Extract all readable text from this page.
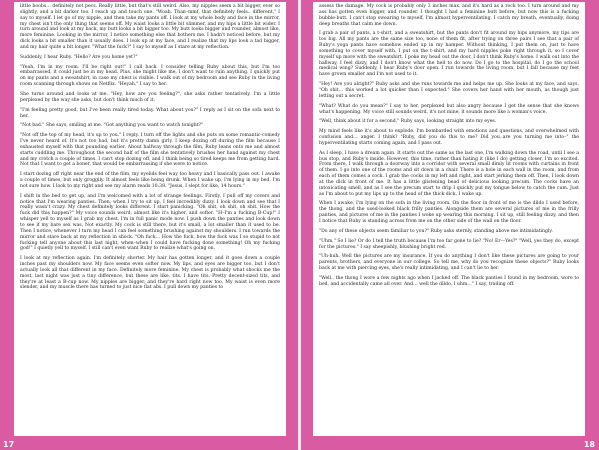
little boobs… definitely not pecs. Really little, but that's still weird. Also, my nipples seem a bit bigger, ever so slightly, and a bit darker too. I reach up and touch one. "Woah. Than–mmf, that definitely feels.. different," I say to myself. I let go of my nipple, and then take my pants off. I look at my whole body and face in the mirror, my chest isn't the only thing that seems off. My waist looks a little bit slimmer, and my hips a little bit wider. I turn around and look at my back, my butt looks a bit bigger too. My butt looks bigger and rounder, almost like, more feminine. Looking in the mirror, I notice something else that bothers me. I hadn't noticed before, but my dick looks a bit smaller than it usually does. I look up at my face, and I realize that my lips look a tad bigger, and my hair quite a bit longer. "What the fuck?" I say to myself as I stare at my reflection.

Suddenly, I hear Ruby. "Hello? Are you home yet?"

"Yeah, I'm in my room. I'll be right out!" I call back. I consider telling Ruby about this, but I'm too embarrassed, it could just be in my head. Plus, she might like me, I don't want to ruin anything. I quickly put on my pants and a sweatshirt, in case my chest is visible. I walk out of my bedroom and see Ruby in the living room scanning through shows on Netflix. "Heyah," I say to her.

She turns around and looks at me. "Hey, how are you feeling?", she asks rather tentatively. I'm a little perplexed by the way she asks, but don't think much of it.

"I'm feeling pretty good, but I've been really tired today. What about you?" I reply as I sit on the sofa next to her.

"Not bad." She says, smiling at me. "Got anything you want to watch tonight?"

"Not off the top of my head, it's up to you." I reply. I turn off the lights and she puts on some romantic-comedy I've never heard of. It's not too bad, but it's pretty damn girly. I keep dozing off during the film because I exhausted myself with that pounding earlier. About halfway through the film, Ruby leans onto me and almost starts cuddling me. Throughout the second half of the film she tentatively brushes her hand against my chest and my crotch a couple of times. I can't stop dozing off, and I think being so tired keeps me from getting hard. Not that I want to get a boner, that would be embarrassing if she were to notice.

I start dozing off right near the end of the film, my eyelids feel way too heavy and I basically pass out. I awake a couple of times, but only groggily. It almost feels like being drunk. When I wake up, I'm lying in my bed. I'm not sure how. I look to my right and see my alarm reads 10:38. "Jesus, I slept for like, 14 hours."

I shift in the bed to get up, and I'm welcomed with a lot of strange feelings. Firstly, I pull off my covers and notice that I'm wearing panties. Then, when I try to sit up, I feel incredibly dizzy. I look down and see that I really wasn't crazy. My chest definitely looks different. I start panicking. "Oh shit, oh shit, oh shit. How the fuck did this happen?" My voice sounds weird, almost like it's higher, and softer. "H–I'm a fucking B-Cup!" I whisper yell to myself as I grab my chest. I'm in full panic mode now. I push down the panties and look down to see if my bare sex was, Not exactly. My cock is still there, but it's small, a lot smaller than it used to be. Then I notice, whenever I turn my head I can feel something brushing against my shoulders. I run towards the mirror and stare back at my reflection in shock. "Oh fuck… How the fuck, how the fuck was I so stupid to not fucking tell anyone about this last night, when–when I could have fucking done something! Oh my fucking god!" I quietly yell to myself. I still can't even want Ruby to realize what's going on.

I look at my reflection again. I'm definitely shorter. My hair has gotten longer, and it goes down a couple inches past my shoulders now. My face seems even softer now. My lips, and eyes are bigger too, but I don't actually look all that different in my face. Definitely more feminine. My chest is probably what shocks me the most, last night was just a tiny difference, but these are like, tits. I have tits. Pretty decent-sized tits, and they're at least a B-cup now. My nipples are bigger, and they're hard right now too. My waist is even more slender, and my muscle there has turned to just nice flat abs. I pull down my panties to

17

assess the damage. My cock is probably only 3 inches max, and it's hard as a rock too. I turn around and my ass has gotten even bigger, and rounder. I thought I had a feminine butt before, but now this is a fucking bubble-butt. I can't stop swearing to myself, I'm almost hyperventilating. I catch my breath, eventually, doing deep breaths that calm me down.

I grab a pair of pants, a t-shirt, and a sweatshirt, but the pants don't fit around my hips anymore, my tips are too big. All my pants are the same size too, none of them fit, after trying on three pairs I see that a pair of Ruby's yoga pants have somehow ended up in my hamper. Without thinking, I put them on, just to have something to cover myself with. I put on the t-shirt, and my hard nipples poke right through it, so I cover myself up more with the sweatshirt. I poke my head out the door, I don't think Ruby's home. I walk out into the hallway, I feel dizzy, and I don't know what the hell to do now. Do I go to the hospital, do I go the school medical wing? Suddenly, I hear Ruby's door open. I run towards the living room, but I fall because my feet have grown smaller and I'm not used to it.

"Hey! Are you alright?" Ruby asks and she runs towards me and helps me up. She looks at my face, and says, "Oh shit… this worked a lot quicker than I expected." She covers her hand with her mouth, as though just letting out a secret.

"What? What do you mean?" I say to her, perplexed but also angry because I get the sense that she knows what's happening. My voice still sounds weird, it's not mine, it sounds more like a woman's voice.

"Well, think about it for a second," Ruby says, looking straight into my eyes.

My mind feels like it's about to explode. I'm bombarded with emotions and questions, and overwhelmed with confusion and… anger. I think? "Ruby, did you do this to me? Did you..are you turning me into–" the hyperventilating starts coming again, and I pass out.

As I sleep, I have a dream again. It starts out the same as the last one, I'm walking down the road, until I see a bus stop, and Ruby's inside. However, this time, rather than hating it (like I do) getting closer, I'm so excited. From there, I walk through a doorway into a corridor with several small dimly lit rooms with curtains in front of them. I go into one of the rooms and sit down in a chair. There is a hole in each wall in the room, and from each of them comes a cock. I grab the cocks in my left and right, and start jerking them off. Then, I look down at the dick in front of me. It has a little glistening bead of delicious looking precum. The cocks have an intoxicating smell, and as I see the precum start to drip I quickly put my tongue below to catch the cum. Just as I'm about to put my lips up to the head of the thick dick, I wake up.

When I awake, I'm lying on the sofa in the living room. On the floor in front of me is the dildo I used before, the thong, and the used-looked black frilly panties. Alongside them are several pictures of me in the frilly panties, and pictures of me in the panties I woke up wearing this morning. I sit up, still feeling dizzy, and then I notice that Ruby is standing across from me on the other side of the wall on the floor.

"Do any of these objects seem familiar to you?" Ruby asks sternly, standing above me intimidatingly.

"Uhm," So I lie? Or do I tell the truth because I'm too far gone to lie? "No! Er––Yes?" "Well, yes they do, except for the pictures." I say sheepishly, blushing bright red.

"Uh-huh. Well the pictures are my insurance. If you do anything I don't like these pictures are going to your parents, brothers, and everyone in our college. So tell me, why do you recognize these objects?" Ruby looks back at me with piercing eyes, she's really intimidating, and I can't lie to her.

"Well.. the thong I wore a few nights ago when I jacked off. The black panties I found in my bedroom, wore to bed, and accidentally came all over. And… well the dildo, I uhm…" I say, trailing off.

18
